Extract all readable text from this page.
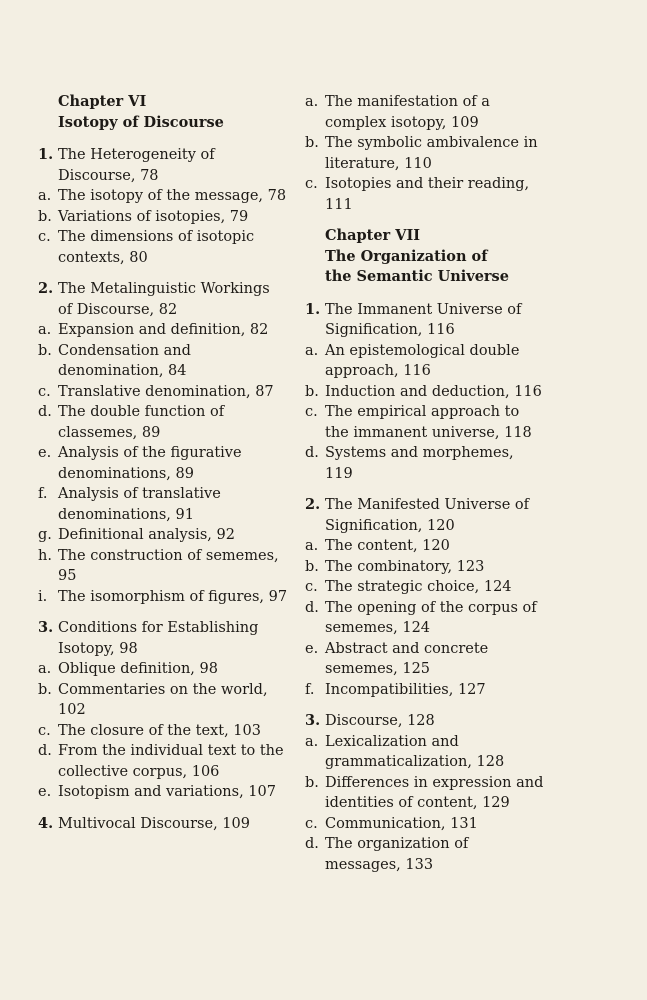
Chapter VI
Isotopy of Discourse
1. The Heterogeneity of Discourse, 78
a. The isotopy of the message, 78
b. Variations of isotopies, 79
c. The dimensions of isotopic contexts, 80
2. The Metalinguistic Workings of Discourse, 82
a. Expansion and definition, 82
b. Condensation and denomination, 84
c. Translative denomination, 87
d. The double function of classemes, 89
e. Analysis of the figurative denominations, 89
f. Analysis of translative denominations, 91
g. Definitional analysis, 92
h. The construction of sememes, 95
i. The isomorphism of figures, 97
3. Conditions for Establishing Isotopy, 98
a. Oblique definition, 98
b. Commentaries on the world, 102
c. The closure of the text, 103
d. From the individual text to the collective corpus, 106
e. Isotopism and variations, 107
4. Multivocal Discourse, 109
a. The manifestation of a complex isotopy, 109
b. The symbolic ambivalence in literature, 110
c. Isotopies and their reading, 111
Chapter VII
The Organization of
the Semantic Universe
1. The Immanent Universe of Signification, 116
a. An epistemological double approach, 116
b. Induction and deduction, 116
c. The empirical approach to the immanent universe, 118
d. Systems and morphemes, 119
2. The Manifested Universe of Signification, 120
a. The content, 120
b. The combinatory, 123
c. The strategic choice, 124
d. The opening of the corpus of sememes, 124
e. Abstract and concrete sememes, 125
f. Incompatibilities, 127
3. Discourse, 128
a. Lexicalization and grammaticalization, 128
b. Differences in expression and identities of content, 129
c. Communication, 131
d. The organization of messages, 133
